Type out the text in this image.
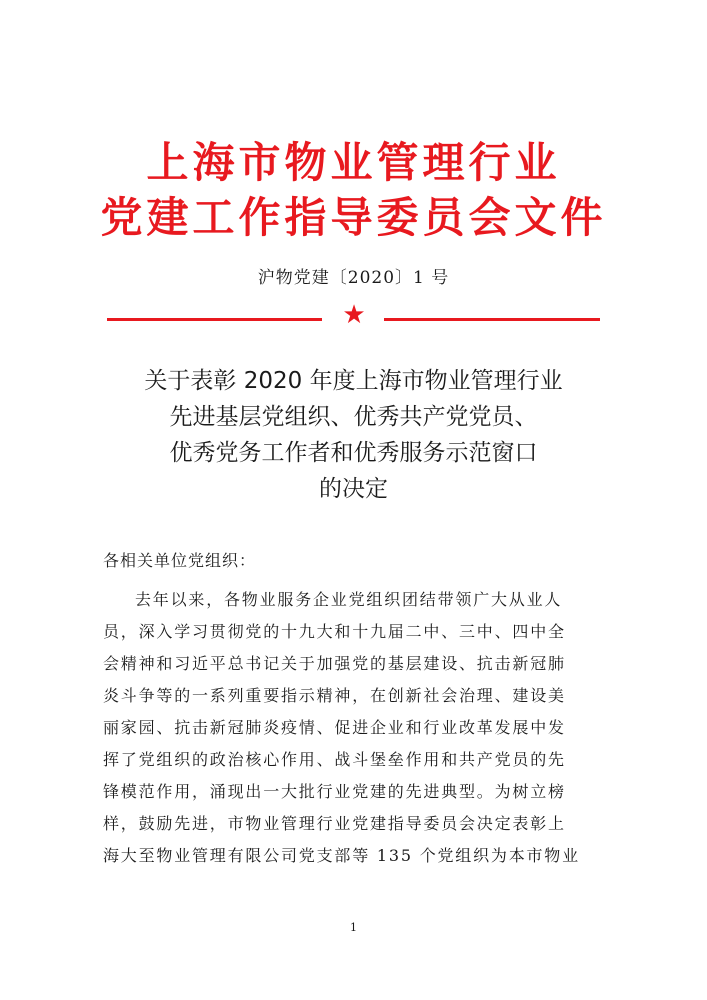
上海市物业管理行业
党建工作指导委员会文件
沪物党建〔2020〕1 号
★
关于表彰 2020 年度上海市物业管理行业
先进基层党组织、优秀共产党党员、
优秀党务工作者和优秀服务示范窗口
的决定
各相关单位党组织：
去年以来，各物业服务企业党组织团结带领广大从业人
员，深入学习贯彻党的十九大和十九届二中、三中、四中全
会精神和习近平总书记关于加强党的基层建设、抗击新冠肺
炎斗争等的一系列重要指示精神，在创新社会治理、建设美
丽家园、抗击新冠肺炎疫情、促进企业和行业改革发展中发
挥了党组织的政治核心作用、战斗堡垒作用和共产党员的先
锋模范作用，涌现出一大批行业党建的先进典型。为树立榜
样，鼓励先进，市物业管理行业党建指导委员会决定表彰上
海大至物业管理有限公司党支部等 135 个党组织为本市物业
1
